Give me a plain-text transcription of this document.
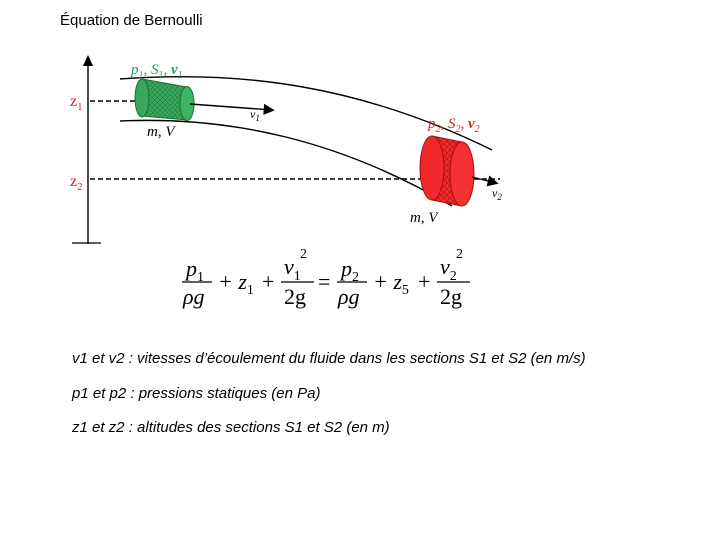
Équation de Bernoulli
$z_1$
$z_2$
$p_1$, $S_1$, $v_1$
$v_1$
m, V	$p_2$, $S_2$, $v_2$
$v_2$
m, V
$p_1$
ρg
+ $z_1$ +
$v_1$
2
2g
=
$p_2$
ρg
+ $z_5$ +
$v_2$
2
2g
v1 et v2 : vitesses d’écoulement du fluide dans les sections S1 et S2 (en m/s)
p1 et p2 : pressions statiques (en Pa)
z1 et z2 : altitudes des sections S1 et S2 (en m)
